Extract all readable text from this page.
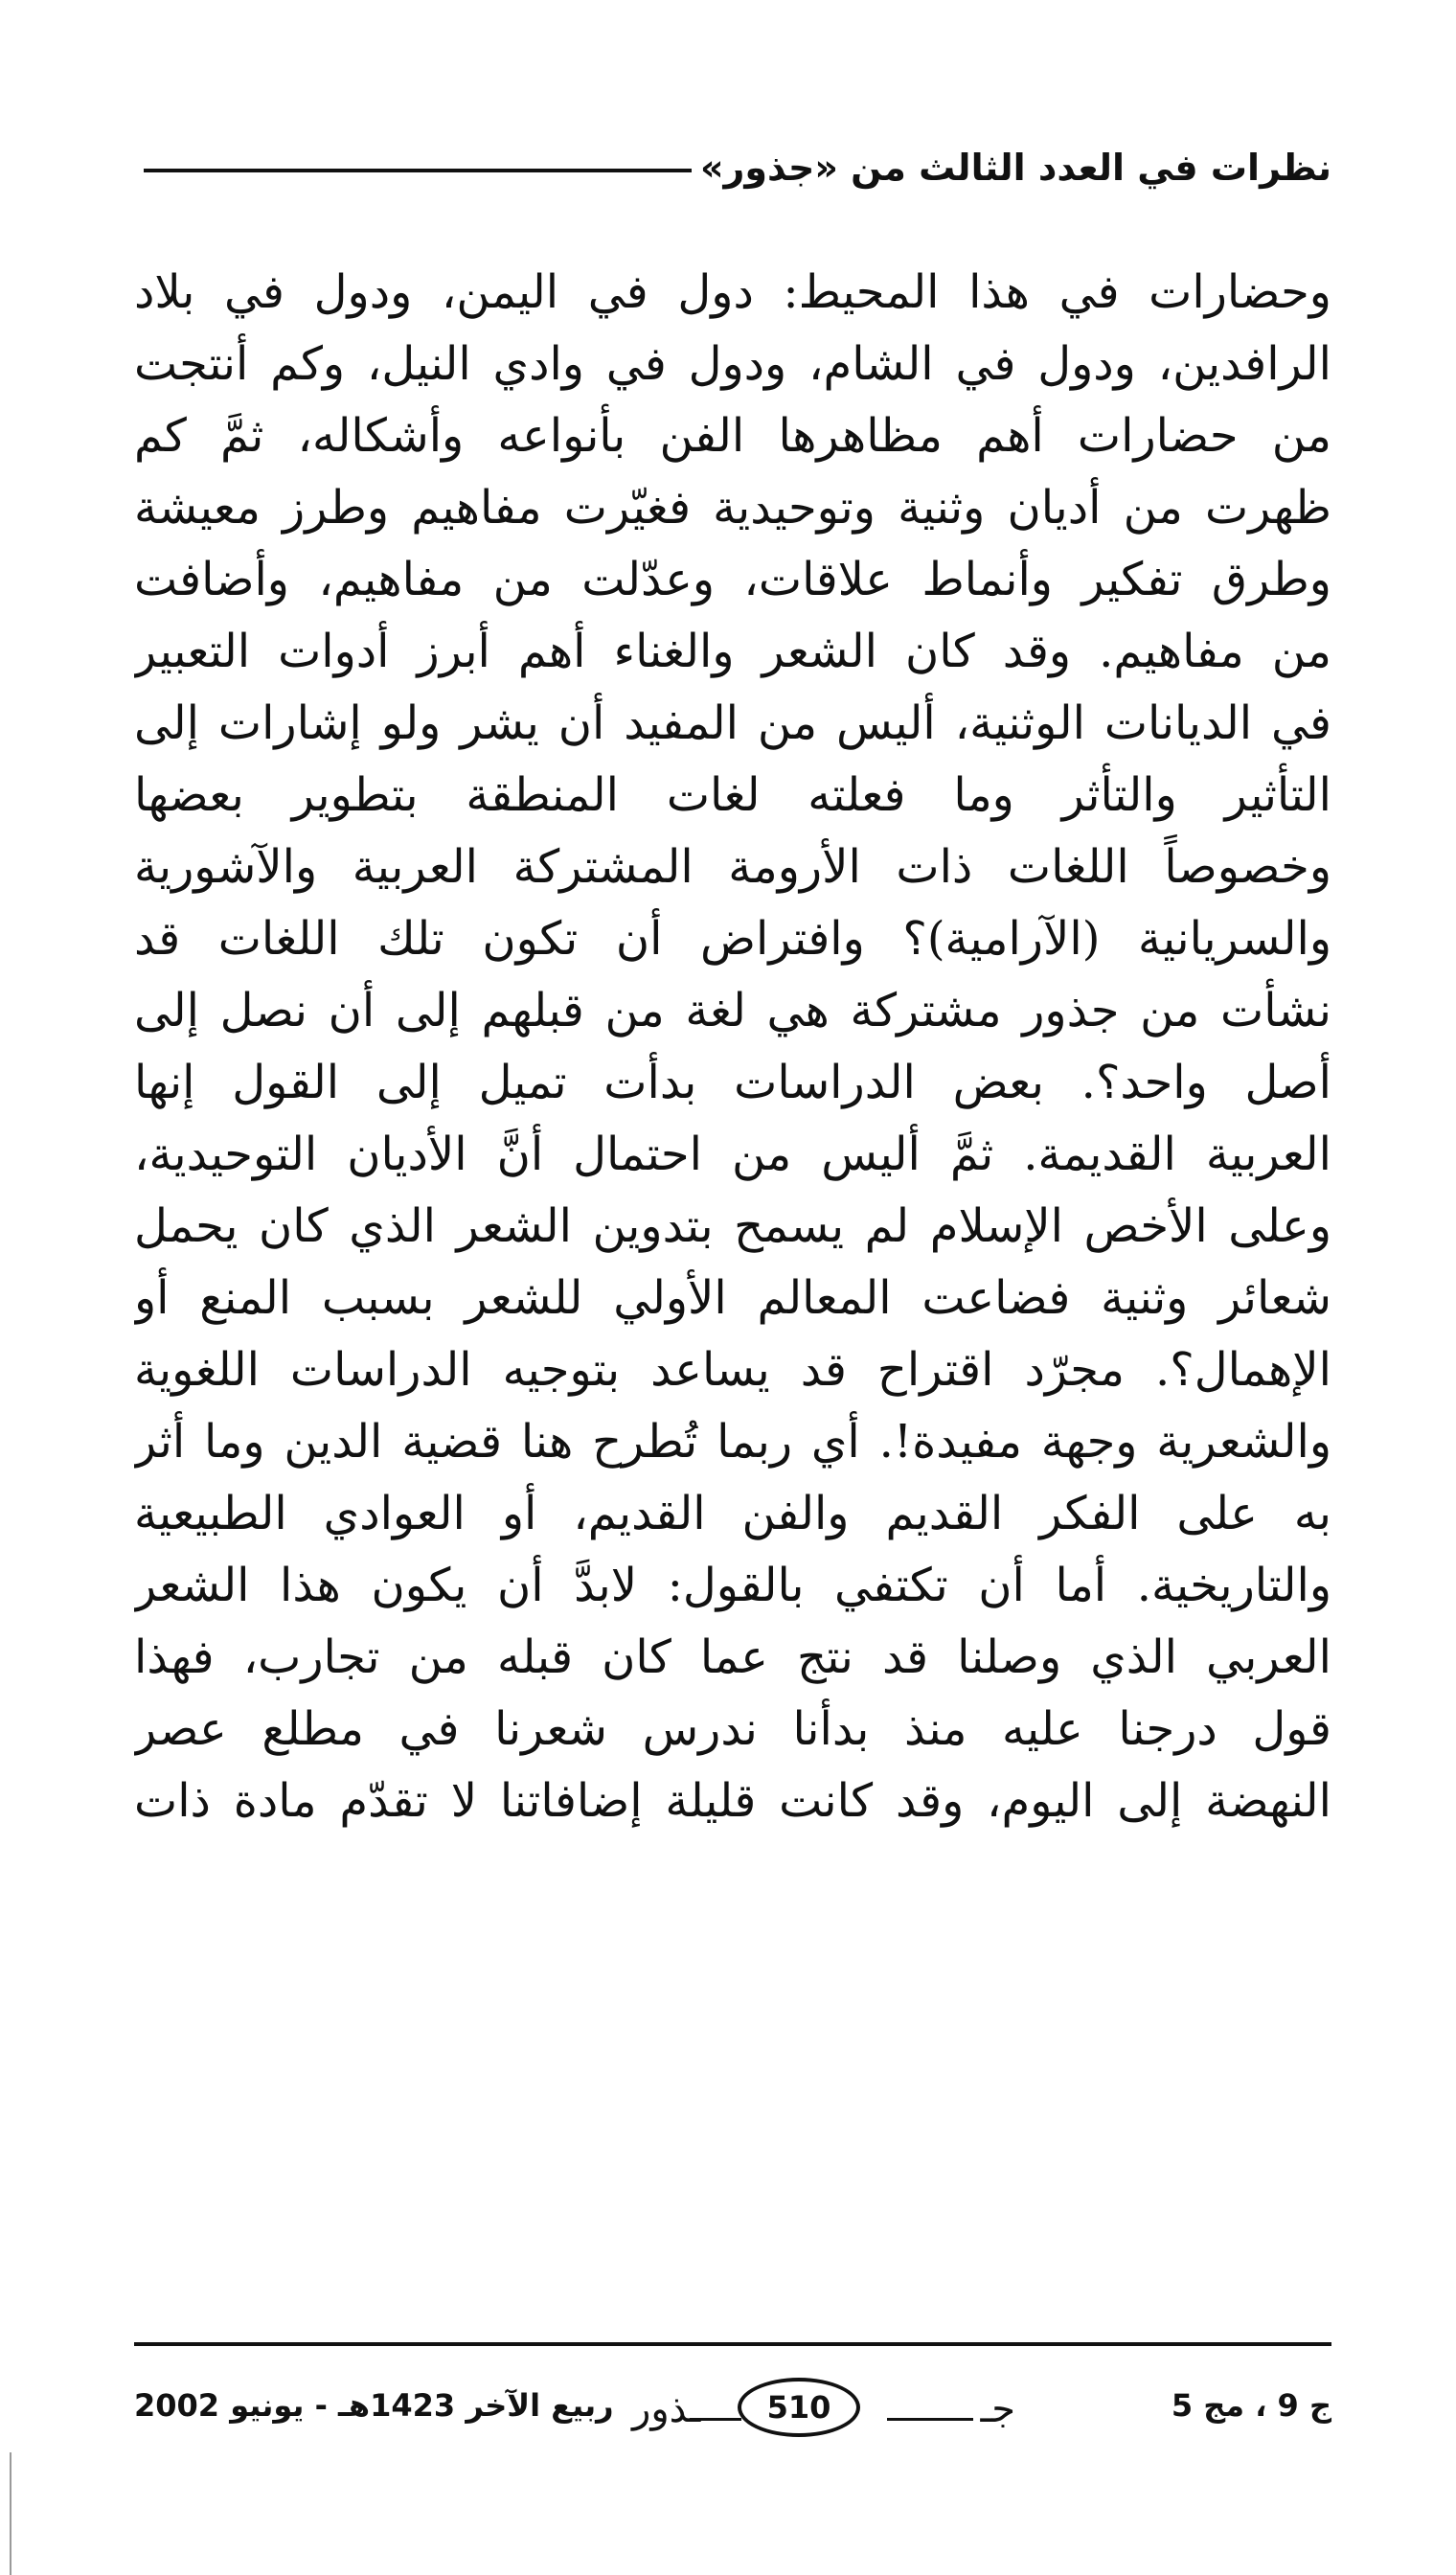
نظرات في العدد الثالث من «جذور»
وحضارات في هذا المحيط: دول في اليمن، ودول في بلاد
الرافدين، ودول في الشام، ودول في وادي النيل، وكم أنتجت
من حضارات أهم مظاهرها الفن بأنواعه وأشكاله، ثمَّ كم
ظهرت من أديان وثنية وتوحيدية فغيّرت مفاهيم وطرز معيشة
وطرق تفكير وأنماط علاقات، وعدّلت من مفاهيم، وأضافت
من مفاهيم. وقد كان الشعر والغناء أهم أبرز أدوات التعبير
في الديانات الوثنية، أليس من المفيد أن يشر ولو إشارات إلى
التأثير والتأثر وما فعلته لغات المنطقة بتطوير بعضها
وخصوصاً اللغات ذات الأرومة المشتركة العربية والآشورية
والسريانية (الآرامية)؟ وافتراض أن تكون تلك اللغات قد
نشأت من جذور مشتركة هي لغة من قبلهم إلى أن نصل إلى
أصل واحد؟. بعض الدراسات بدأت تميل إلى القول إنها
العربية القديمة. ثمَّ أليس من احتمال أنَّ الأديان التوحيدية،
وعلى الأخص الإسلام لم يسمح بتدوين الشعر الذي كان يحمل
شعائر وثنية فضاعت المعالم الأولي للشعر بسبب المنع أو
الإهمال؟. مجرّد اقتراح قد يساعد بتوجيه الدراسات اللغوية
والشعرية وجهة مفيدة!. أي ربما تُطرح هنا قضية الدين وما أثر
به على الفكر القديم والفن القديم، أو العوادي الطبيعية
والتاريخية. أما أن تكتفي بالقول: لابدَّ أن يكون هذا الشعر
العربي الذي وصلنا قد نتج عما كان قبله من تجارب، فهذا
قول درجنا عليه منذ بدأنا ندرس شعرنا في مطلع عصر
النهضة إلى اليوم، وقد كانت قليلة إضافاتنا لا تقدّم مادة ذات
ج 9 ، مج 5
جـ
510
ـذور
ربيع الآخر 1423هـ - يونيو 2002
